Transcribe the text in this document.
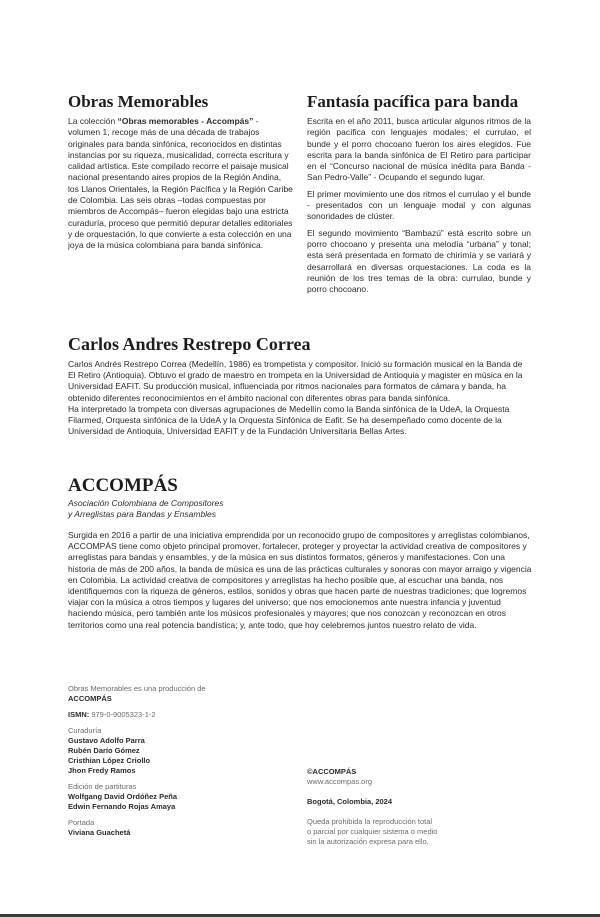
Obras Memorables

La colección “Obras memorables - Accompás” - volumen 1, recoge más de una década de trabajos originales para banda sinfónica, reconocidos en distintas instancias por su riqueza, musicalidad, correcta escritura y calidad artística. Este compilado recorre el paisaje musical nacional presentando aires propios de la Región Andina, los Llanos Orientales, la Región Pacífica y la Región Caribe de Colombia. Las seis obras –todas compuestas por miembros de Accompás– fueron elegidas bajo una estricta curaduría, proceso que permitió depurar detalles editoriales y de orquestación, lo que convierte a esta colección en una joya de la música colombiana para banda sinfónica.

Fantasía pacífica para banda

Escrita en el año 2011, busca articular algunos ritmos de la región pacífica con lenguajes modales; el currulao, el bunde y el porro chocoano fueron los aires elegidos. Fue escrita para la banda sinfónica de El Retiro para participar en el “Concurso nacional de música inédita para Banda - San Pedro-Valle” - Ocupando el segundo lugar.

El primer movimiento une dos ritmos el currulao y el bunde - presentados con un lenguaje modal y con algunas sonoridades de clúster.

El segundo movimiento “Bambazú” está escrito sobre un porro chocoano y presenta una melodía “urbana” y tonal; esta será presentada en formato de chirimía y se variará y desarrollará en diversas orquestaciones. La coda es la reunión de los tres temas de la obra: currulao, bunde y porro chocoano.

Carlos Andres Restrepo Correa

Carlos Andrés Restrepo Correa (Medellín, 1986) es trompetista y compositor. Inició su formación musical en la Banda de El Retiro (Antioquia). Obtuvo el grado de maestro en trompeta en la Universidad de Antioquia y magister en música en la Universidad EAFIT. Su producción musical, influenciada por ritmos nacionales para formatos de cámara y banda, ha obtenido diferentes reconocimientos en el ámbito nacional con diferentes obras para banda sinfónica.

Ha interpretado la trompeta con diversas agrupaciones de Medellín como la Banda sinfónica de la UdeA, la Orquesta Filarmed, Orquesta sinfónica de la UdeA y la Orquesta Sinfónica de Eafit. Se ha desempeñado como docente de la Universidad de Antioquia, Universidad EAFIT y de la Fundación Universitaria Bellas Artes.

ACCOMPÁS
Asociación Colombiana de Compositores
y Arreglistas para Bandas y Ensambles

Surgida en 2016 a partir de una iniciativa emprendida por un reconocido grupo de compositores y arreglistas colombianos, ACCOMPÁS tiene como objeto principal promover, fortalecer, proteger y proyectar la actividad creativa de compositores y arreglistas para bandas y ensambles, y de la música en sus distintos formatos, géneros y manifestaciones. Con una historia de más de 200 años, la banda de música es una de las prácticas culturales y sonoras con mayor arraigo y vigencia en Colombia. La actividad creativa de compositores y arreglistas ha hecho posible que, al escuchar una banda, nos identifiquemos con la riqueza de géneros, estilos, sonidos y obras que hacen parte de nuestras tradiciones; que logremos viajar con la música a otros tiempos y lugares del universo; que nos emocionemos ante nuestra infancia y juventud haciendo música, pero también ante los músicos profesionales y mayores; que nos conozcan y reconozcan en otros territorios como una real potencia bandística; y, ante todo, que hoy celebremos juntos nuestro relato de vida.

Obras Memorables es una producción de
ACCOMPÁS
ISMN: 979-0-9005323-1-2
Curaduría
Gustavo Adolfo Parra
Rubén Darío Gómez
Cristhian López Criollo
Jhon Fredy Ramos
Edición de partituras
Wolfgang David Ordóñez Peña
Edwin Fernando Rojas Amaya
Portada
Viviana Guachetá
©ACCOMPÁS
www.accompas.org
Bogotá, Colombia, 2024
Queda prohibida la reproducción total
o parcial por cualquier sistema o medio
sin la autorización expresa para ello.
